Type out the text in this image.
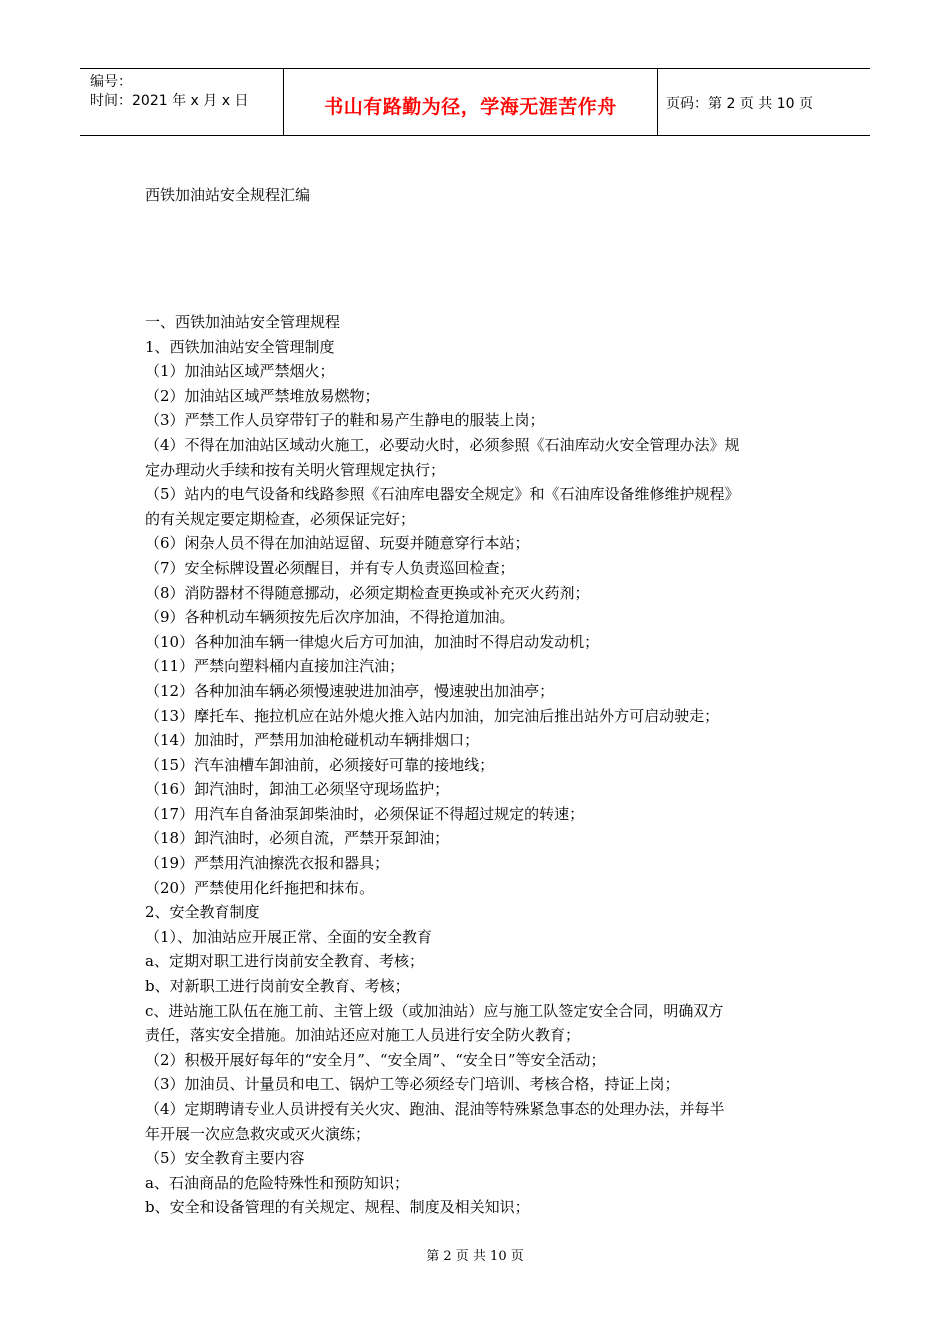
编号：
时间：2021 年 x 月 x 日	书山有路勤为径，学海无涯苦作舟	页码：第 2 页 共 10 页
西铁加油站安全规程汇编
一、西铁加油站安全管理规程
1、西铁加油站安全管理制度
（1）加油站区域严禁烟火；
（2）加油站区域严禁堆放易燃物；
（3）严禁工作人员穿带钉子的鞋和易产生静电的服装上岗；
（4）不得在加油站区域动火施工，必要动火时，必须参照《石油库动火安全管理办法》规
定办理动火手续和按有关明火管理规定执行；
（5）站内的电气设备和线路参照《石油库电器安全规定》和《石油库设备维修维护规程》
的有关规定要定期检查，必须保证完好；
（6）闲杂人员不得在加油站逗留、玩耍并随意穿行本站；
（7）安全标牌设置必须醒目，并有专人负责巡回检查；
（8）消防器材不得随意挪动，必须定期检查更换或补充灭火药剂；
（9）各种机动车辆须按先后次序加油，不得抢道加油。
（10）各种加油车辆一律熄火后方可加油，加油时不得启动发动机；
（11）严禁向塑料桶内直接加注汽油；
（12）各种加油车辆必须慢速驶进加油亭，慢速驶出加油亭；
（13）摩托车、拖拉机应在站外熄火推入站内加油，加完油后推出站外方可启动驶走；
（14）加油时，严禁用加油枪碰机动车辆排烟口；
（15）汽车油槽车卸油前，必须接好可靠的接地线；
（16）卸汽油时，卸油工必须坚守现场监护；
（17）用汽车自备油泵卸柴油时，必须保证不得超过规定的转速；
（18）卸汽油时，必须自流，严禁开泵卸油；
（19）严禁用汽油擦洗衣报和器具；
（20）严禁使用化纤拖把和抹布。
2、安全教育制度
（1）、加油站应开展正常、全面的安全教育
a、定期对职工进行岗前安全教育、考核；
b、对新职工进行岗前安全教育、考核；
c、进站施工队伍在施工前、主管上级（或加油站）应与施工队签定安全合同，明确双方
责任，落实安全措施。加油站还应对施工人员进行安全防火教育；
（2）积极开展好每年的“安全月”、“安全周”、“安全日”等安全活动；
（3）加油员、计量员和电工、锅炉工等必须经专门培训、考核合格，持证上岗；
（4）定期聘请专业人员讲授有关火灾、跑油、混油等特殊紧急事态的处理办法，并每半
年开展一次应急救灾或灭火演练；
（5）安全教育主要内容
a、石油商品的危险特殊性和预防知识；
b、安全和设备管理的有关规定、规程、制度及相关知识；
第 2 页 共 10 页
